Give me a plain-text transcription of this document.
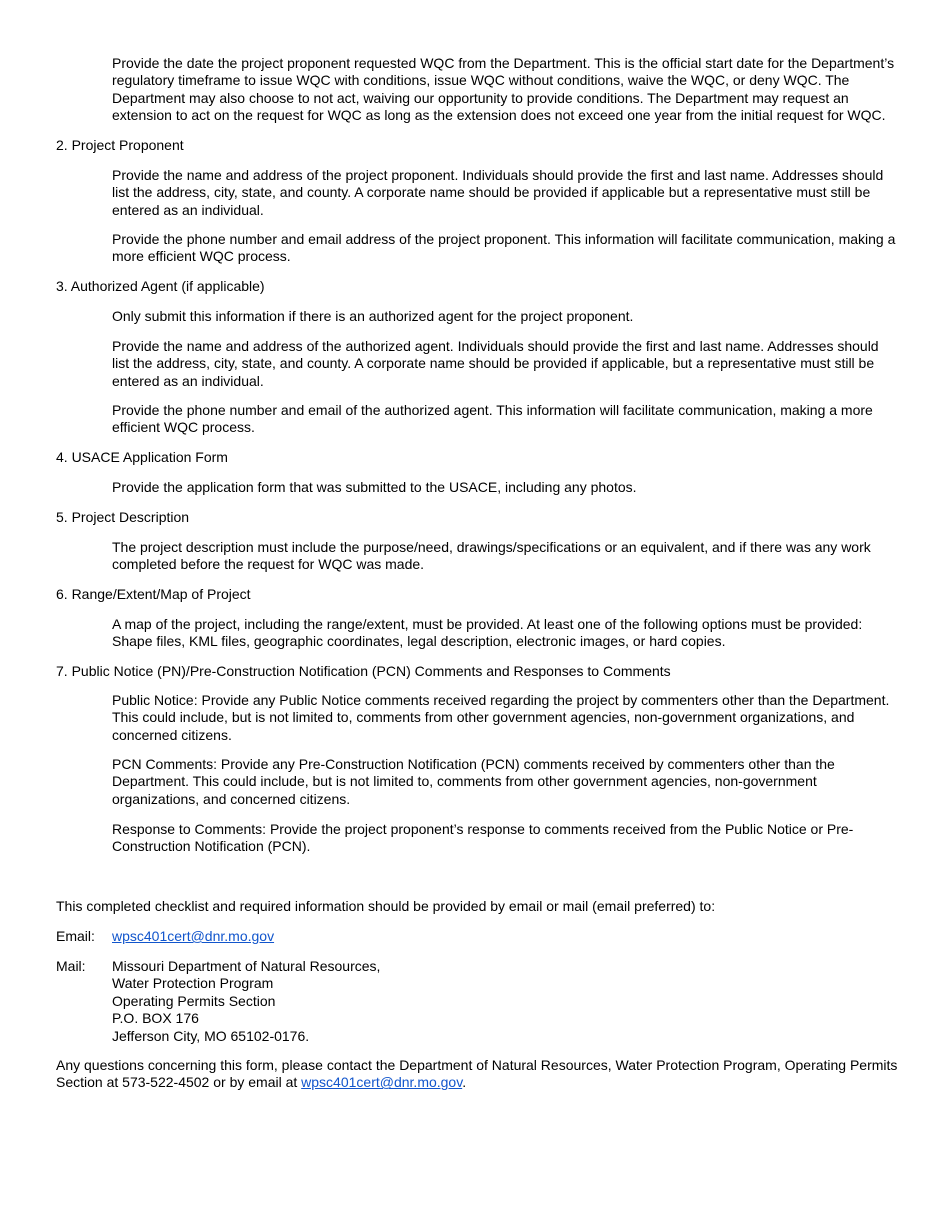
Provide the date the project proponent requested WQC from the Department. This is the official start date for the Department’s regulatory timeframe to issue WQC with conditions, issue WQC without conditions, waive the WQC, or deny WQC. The Department may also choose to not act, waiving our opportunity to provide conditions. The Department may request an extension to act on the request for WQC as long as the extension does not exceed one year from the initial request for WQC.

2. Project Proponent

Provide the name and address of the project proponent. Individuals should provide the first and last name. Addresses should list the address, city, state, and county. A corporate name should be provided if applicable but a representative must still be entered as an individual.

Provide the phone number and email address of the project proponent. This information will facilitate communication, making a more efficient WQC process.

3. Authorized Agent (if applicable)

Only submit this information if there is an authorized agent for the project proponent.

Provide the name and address of the authorized agent. Individuals should provide the first and last name. Addresses should list the address, city, state, and county. A corporate name should be provided if applicable, but a representative must still be entered as an individual.

Provide the phone number and email of the authorized agent. This information will facilitate communication, making a more efficient WQC process.

4. USACE Application Form

Provide the application form that was submitted to the USACE, including any photos.

5. Project Description

The project description must include the purpose/need, drawings/specifications or an equivalent, and if there was any work completed before the request for WQC was made.

6. Range/Extent/Map of Project

A map of the project, including the range/extent, must be provided. At least one of the following options must be provided: Shape files, KML files, geographic coordinates, legal description, electronic images, or hard copies.

7. Public Notice (PN)/Pre-Construction Notification (PCN) Comments and Responses to Comments

Public Notice: Provide any Public Notice comments received regarding the project by commenters other than the Department. This could include, but is not limited to, comments from other government agencies, non-government organizations, and concerned citizens.

PCN Comments: Provide any Pre-Construction Notification (PCN) comments received by commenters other than the Department. This could include, but is not limited to, comments from other government agencies, non-government organizations, and concerned citizens.

Response to Comments: Provide the project proponent’s response to comments received from the Public Notice or Pre-Construction Notification (PCN).

This completed checklist and required information should be provided by email or mail (email preferred) to:

Email: wpsc401cert@dnr.mo.gov

Mail: Missouri Department of Natural Resources,
Water Protection Program
Operating Permits Section
P.O. BOX 176
Jefferson City, MO 65102-0176.

Any questions concerning this form, please contact the Department of Natural Resources, Water Protection Program, Operating Permits Section at 573-522-4502 or by email at wpsc401cert@dnr.mo.gov.
